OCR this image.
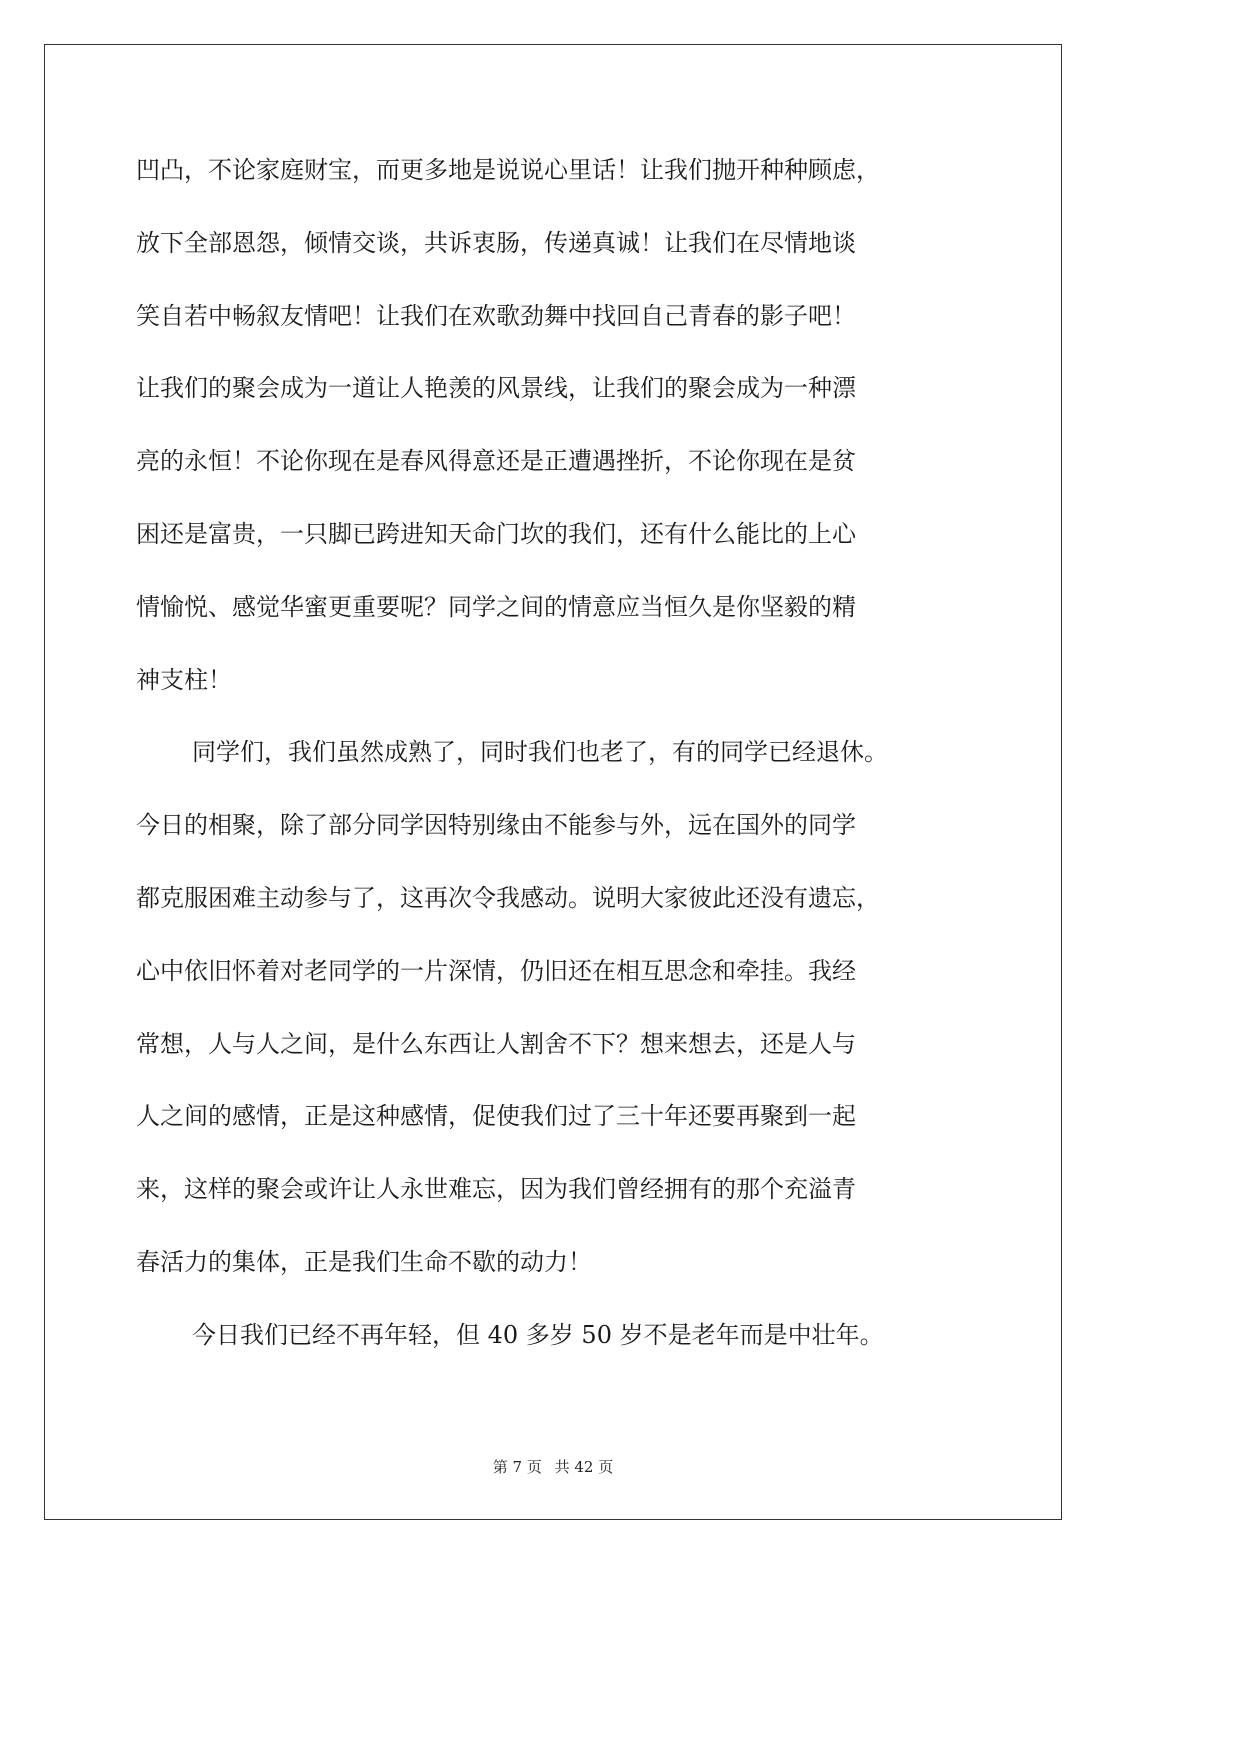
凹凸，不论家庭财宝，而更多地是说说心里话！让我们抛开种种顾虑，
放下全部恩怨，倾情交谈，共诉衷肠，传递真诚！让我们在尽情地谈
笑自若中畅叙友情吧！让我们在欢歌劲舞中找回自己青春的影子吧！
让我们的聚会成为一道让人艳羡的风景线，让我们的聚会成为一种漂
亮的永恒！不论你现在是春风得意还是正遭遇挫折，不论你现在是贫
困还是富贵，一只脚已跨进知天命门坎的我们，还有什么能比的上心
情愉悦、感觉华蜜更重要呢？同学之间的情意应当恒久是你坚毅的精
神支柱！
同学们，我们虽然成熟了，同时我们也老了，有的同学已经退休。
今日的相聚，除了部分同学因特别缘由不能参与外，远在国外的同学
都克服困难主动参与了，这再次令我感动。说明大家彼此还没有遗忘，
心中依旧怀着对老同学的一片深情，仍旧还在相互思念和牵挂。我经
常想，人与人之间，是什么东西让人割舍不下？想来想去，还是人与
人之间的感情，正是这种感情，促使我们过了三十年还要再聚到一起
来，这样的聚会或许让人永世难忘，因为我们曾经拥有的那个充溢青
春活力的集体，正是我们生命不歇的动力！
今日我们已经不再年轻，但 40 多岁 50 岁不是老年而是中壮年。
第 7 页 共 42 页
